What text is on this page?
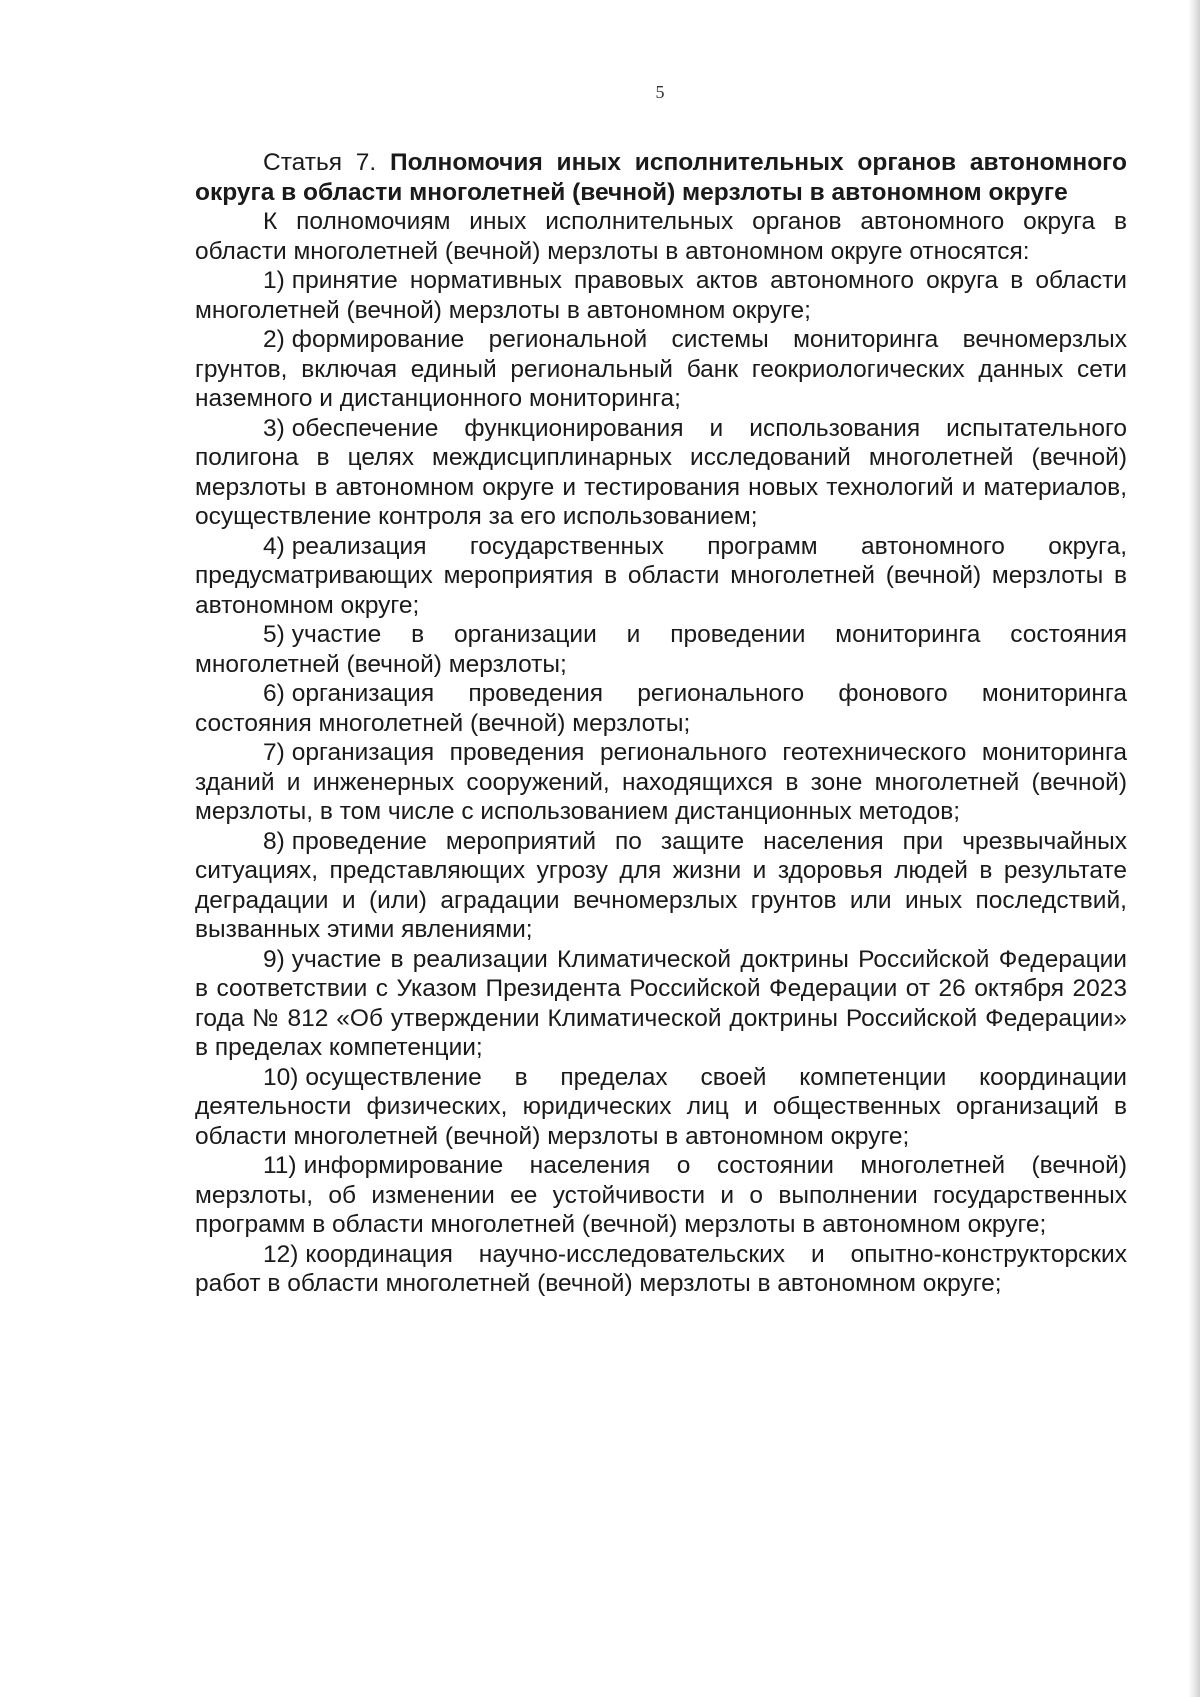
5

Статья 7. Полномочия иных исполнительных органов автономного округа в области многолетней (вечной) мерзлоты в автономном округе

К полномочиям иных исполнительных органов автономного округа в области многолетней (вечной) мерзлоты в автономном округе относятся:

1) принятие нормативных правовых актов автономного округа в области многолетней (вечной) мерзлоты в автономном округе;

2) формирование региональной системы мониторинга вечномерзлых грунтов, включая единый региональный банк геокриологических данных сети наземного и дистанционного мониторинга;

3) обеспечение функционирования и использования испытательного полигона в целях междисциплинарных исследований многолетней (вечной) мерзлоты в автономном округе и тестирования новых технологий и материалов, осуществление контроля за его использованием;

4) реализация государственных программ автономного округа, предусматривающих мероприятия в области многолетней (вечной) мерзлоты в автономном округе;

5) участие в организации и проведении мониторинга состояния многолетней (вечной) мерзлоты;

6) организация проведения регионального фонового мониторинга состояния многолетней (вечной) мерзлоты;

7) организация проведения регионального геотехнического мониторинга зданий и инженерных сооружений, находящихся в зоне многолетней (вечной) мерзлоты, в том числе с использованием дистанционных методов;

8) проведение мероприятий по защите населения при чрезвычайных ситуациях, представляющих угрозу для жизни и здоровья людей в результате деградации и (или) аградации вечномерзлых грунтов или иных последствий, вызванных этими явлениями;

9) участие в реализации Климатической доктрины Российской Федерации в соответствии с Указом Президента Российской Федерации от 26 октября 2023 года № 812 «Об утверждении Климатической доктрины Российской Федерации» в пределах компетенции;

10) осуществление в пределах своей компетенции координации деятельности физических, юридических лиц и общественных организаций в области многолетней (вечной) мерзлоты в автономном округе;

11) информирование населения о состоянии многолетней (вечной) мерзлоты, об изменении ее устойчивости и о выполнении государственных программ в области многолетней (вечной) мерзлоты в автономном округе;

12) координация научно-исследовательских и опытно-конструкторских работ в области многолетней (вечной) мерзлоты в автономном округе;
